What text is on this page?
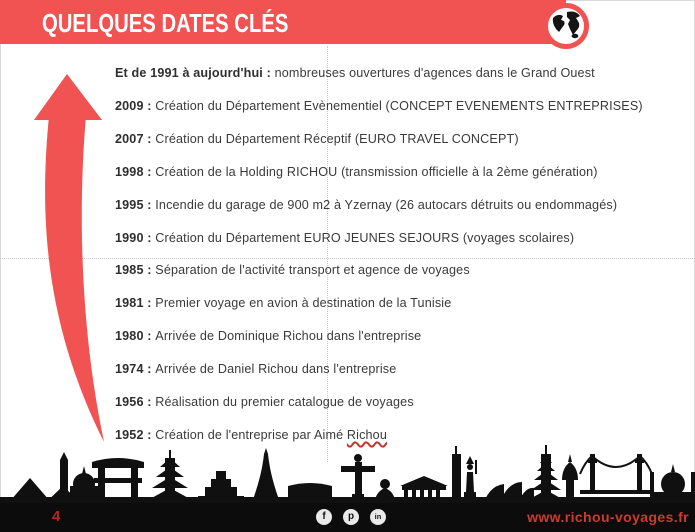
QUELQUES DATES CLÉS
Et de 1991 à aujourd'hui : nombreuses ouvertures d'agences dans le Grand Ouest
2009 : Création du Département Evènementiel (CONCEPT EVENEMENTS ENTREPRISES)
2007 : Création du Département Réceptif (EURO TRAVEL CONCEPT)
1998 : Création de la Holding RICHOU (transmission officielle à la 2ème génération)
1995 : Incendie du garage de 900 m2 à Yzernay (26 autocars détruits ou endommagés)
1990 : Création du Département EURO JEUNES SEJOURS (voyages scolaires)
1985 : Séparation de l'activité transport et agence de voyages
1981 : Premier voyage en avion à destination de la Tunisie
1980 : Arrivée de Dominique Richou dans l'entreprise
1974 : Arrivée de Daniel Richou dans l'entreprise
1956 : Réalisation du premier catalogue de voyages
1952 : Création de l'entreprise par Aimé Richou
4	f	p	in	www.richou-voyages.fr
